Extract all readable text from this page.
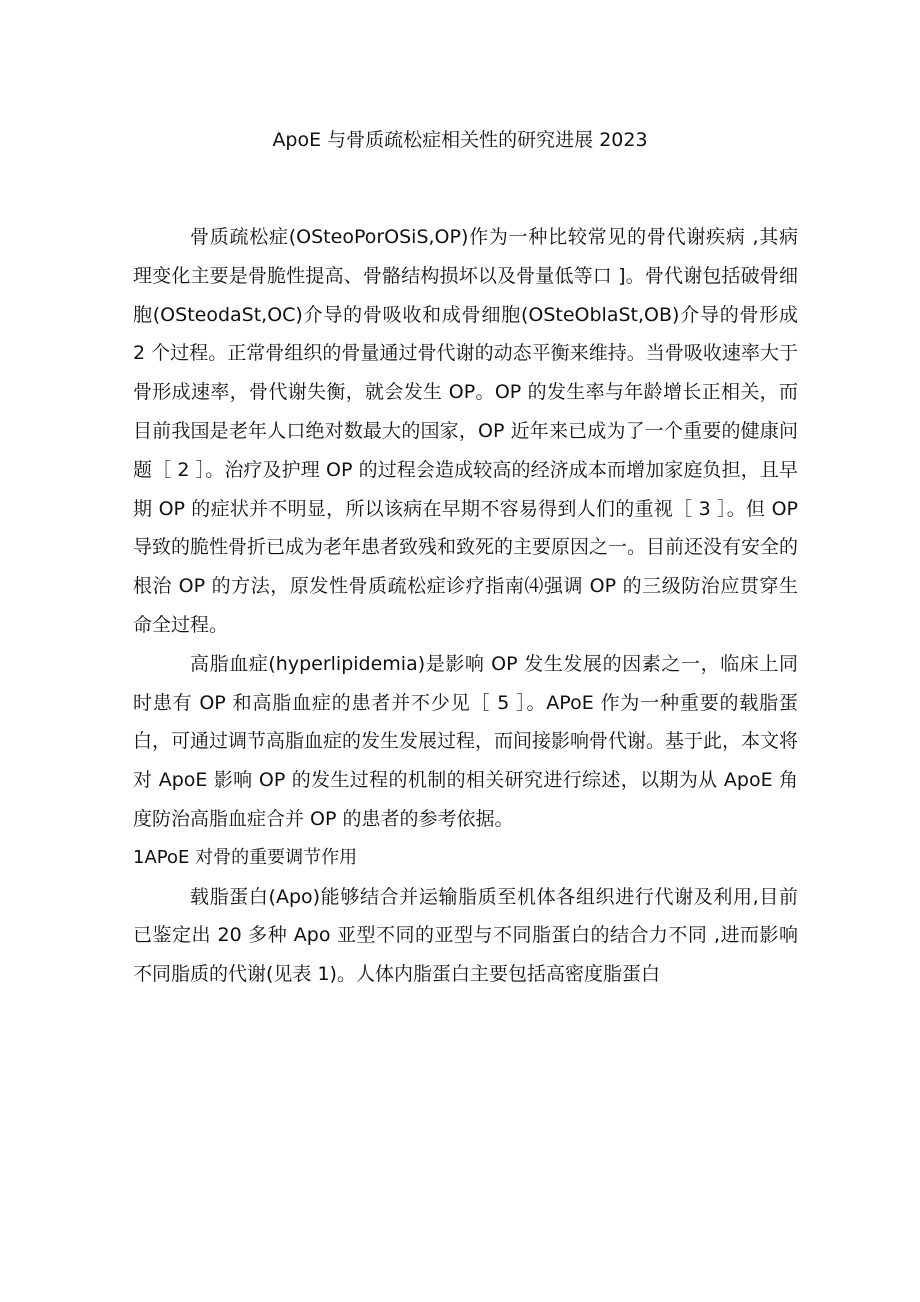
ApoE 与骨质疏松症相关性的研究进展 2023

骨质疏松症(OSteoPorOSiS,OP)作为一种比较常见的骨代谢疾病 ,其病理变化主要是骨脆性提高、骨骼结构损坏以及骨量低等口 ]。骨代谢包括破骨细胞(OSteodaSt,OC)介导的骨吸收和成骨细胞(OSteOblaSt,OB)介导的骨形成 2 个过程。正常骨组织的骨量通过骨代谢的动态平衡来维持。当骨吸收速率大于骨形成速率，骨代谢失衡，就会发生 OP。OP 的发生率与年龄增长正相关，而目前我国是老年人口绝对数最大的国家，OP 近年来已成为了一个重要的健康问题［ 2 ］。治疗及护理 OP 的过程会造成较高的经济成本而增加家庭负担，且早期 OP 的症状并不明显，所以该病在早期不容易得到人们的重视［ 3 ］。但 OP 导致的脆性骨折已成为老年患者致残和致死的主要原因之一。目前还没有安全的根治 OP 的方法，原发性骨质疏松症诊疗指南⑷强调 OP 的三级防治应贯穿生命全过程。

高脂血症(hyperlipidemia)是影响 OP 发生发展的因素之一，临床上同时患有 OP 和高脂血症的患者并不少见［ 5 ］。APoE 作为一种重要的载脂蛋白，可通过调节高脂血症的发生发展过程，而间接影响骨代谢。基于此，本文将对 ApoE 影响 OP 的发生过程的机制的相关研究进行综述，以期为从 ApoE 角度防治高脂血症合并 OP 的患者的参考依据。

1APoE 对骨的重要调节作用

载脂蛋白(Apo)能够结合并运输脂质至机体各组织进行代谢及利用,目前已鉴定出 20 多种 Apo 亚型不同的亚型与不同脂蛋白的结合力不同 ,进而影响不同脂质的代谢(见表 1)。人体内脂蛋白主要包括高密度脂蛋白
